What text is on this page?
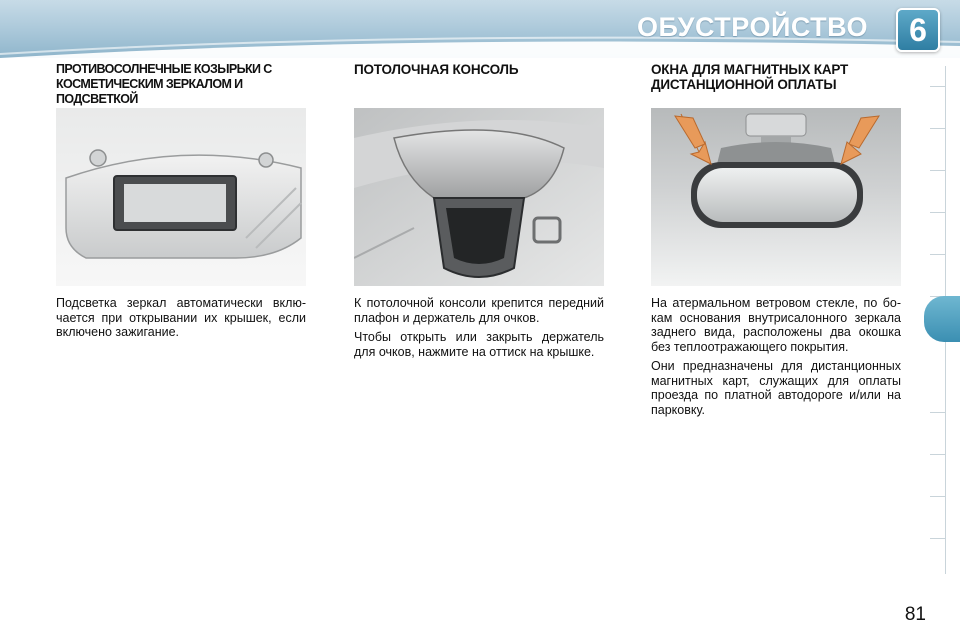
ОБУСТРОЙСТВО	6
ПРОТИВОСОЛНЕЧНЫЕ КОЗЫРЬКИ С КОСМЕТИЧЕСКИМ ЗЕРКАЛОМ И ПОДСВЕТКОЙ

Подсветка зеркал автоматически вклю-чается при открывании их крышек, если включено зажигание.

ПОТОЛОЧНАЯ КОНСОЛЬ

К потолочной консоли крепится передний плафон и держатель для очков.

Чтобы открыть или закрыть держатель для очков, нажмите на оттиск на крышке.

ОКНА ДЛЯ МАГНИТНЫХ КАРТ ДИСТАНЦИОННОЙ ОПЛАТЫ

На атермальном ветровом стекле, по бо-кам основания внутрисалонного зеркала заднего вида, расположены два окошка без теплоотражающего покрытия.

Они предназначены для дистанционных магнитных карт, служащих для оплаты проезда по платной автодороге и/или на парковку.

81
